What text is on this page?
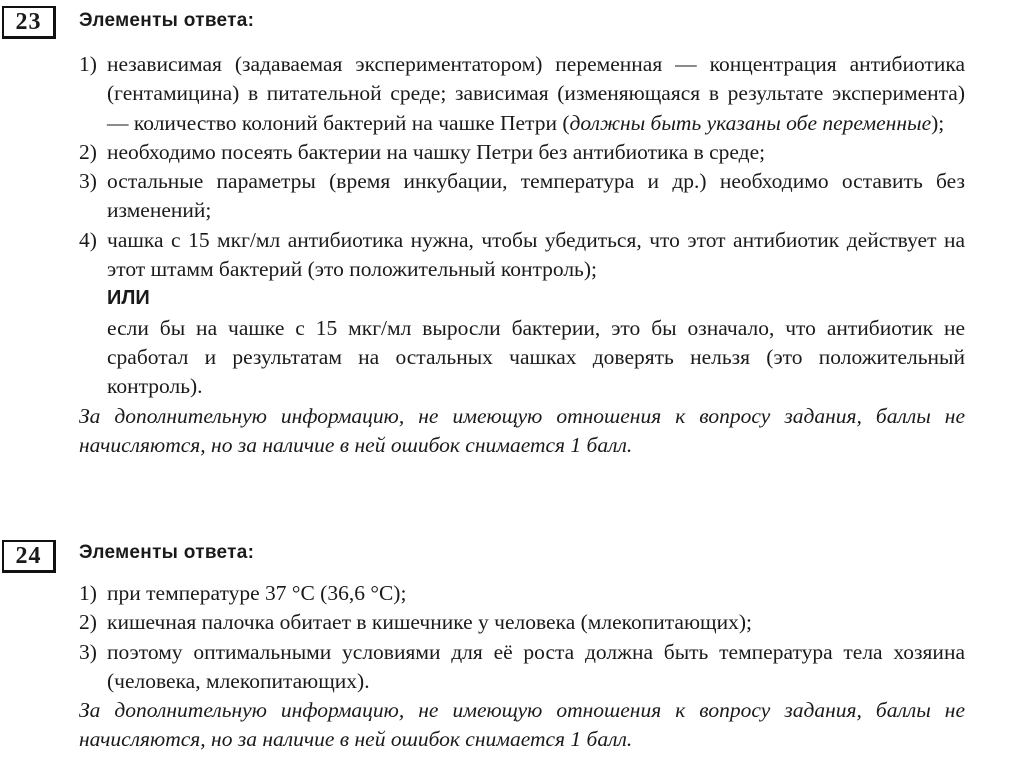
23	Элементы ответа:
1) независимая (задаваемая экспериментатором) переменная — концентрация антибиотика (гентамицина) в питательной среде; зависимая (изменяющаяся в результате эксперимента) — количество колоний бактерий на чашке Петри (должны быть указаны обе переменные);
2) необходимо посеять бактерии на чашку Петри без антибиотика в среде;
3) остальные параметры (время инкубации, температура и др.) необходимо оставить без изменений;
4) чашка с 15 мкг/мл антибиотика нужна, чтобы убедиться, что этот антибиотик действует на этот штамм бактерий (это положительный контроль);
ИЛИ
если бы на чашке с 15 мкг/мл выросли бактерии, это бы означало, что антибиотик не сработал и результатам на остальных чашках доверять нельзя (это положительный контроль).
За дополнительную информацию, не имеющую отношения к вопросу задания, баллы не начисляются, но за наличие в ней ошибок снимается 1 балл.
24	Элементы ответа:
1) при температуре 37 °С (36,6 °С);
2) кишечная палочка обитает в кишечнике у человека (млекопитающих);
3) поэтому оптимальными условиями для её роста должна быть температура тела хозяина (человека, млекопитающих).
За дополнительную информацию, не имеющую отношения к вопросу задания, баллы не начисляются, но за наличие в ней ошибок снимается 1 балл.
